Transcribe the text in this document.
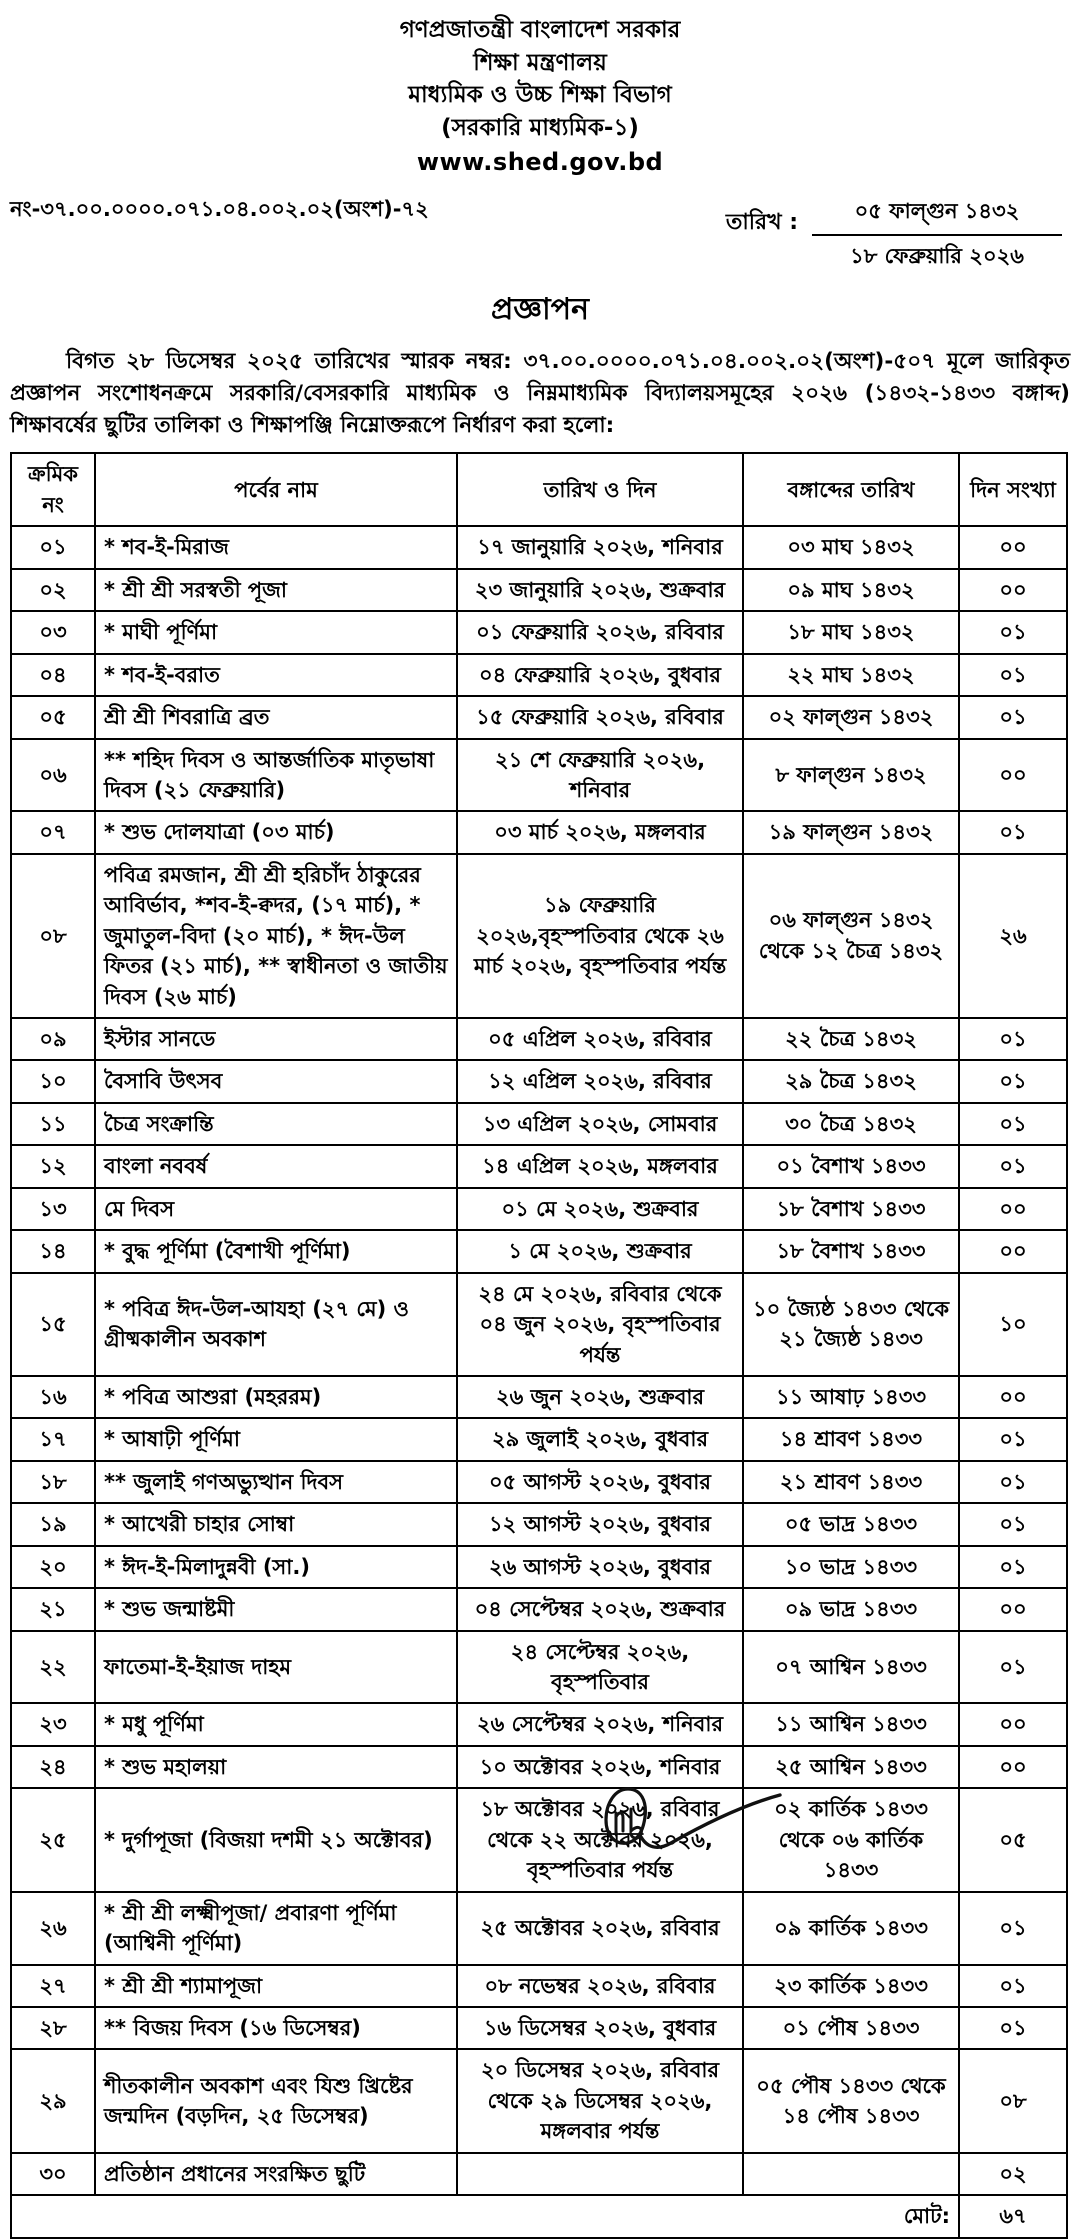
গণপ্রজাতন্ত্রী বাংলাদেশ সরকার
শিক্ষা মন্ত্রণালয়
মাধ্যমিক ও উচ্চ শিক্ষা বিভাগ
(সরকারি মাধ্যমিক-১)
www.shed.gov.bd
নং-৩৭.০০.০০০০.০৭১.০৪.০০২.০২(অংশ)-৭২
তারিখ : $\frac{\text{০৫ ফাল্গুন ১৪৩২}}{\text{১৮ ফেব্রুয়ারি ২০২৬}}$
প্রজ্ঞাপন
বিগত ২৮ ডিসেম্বর ২০২৫ তারিখের স্মারক নম্বর: ৩৭.০০.০০০০.০৭১.০৪.০০২.০২(অংশ)-৫০৭ মূলে জারিকৃত প্রজ্ঞাপন সংশোধনক্রমে সরকারি/বেসরকারি মাধ্যমিক ও নিম্নমাধ্যমিক বিদ্যালয়সমূহের ২০২৬ (১৪৩২-১৪৩৩ বঙ্গাব্দ) শিক্ষাবর্ষের ছুটির তালিকা ও শিক্ষাপঞ্জি নিম্নোক্তরূপে নির্ধারণ করা হলো:
ক্রমিক নং	পর্বের নাম	তারিখ ও দিন	বঙ্গাব্দের তারিখ	দিন সংখ্যা
০১	* শব-ই-মিরাজ	১৭ জানুয়ারি ২০২৬, শনিবার	০৩ মাঘ ১৪৩২	০০
০২	* শ্রী শ্রী সরস্বতী পূজা	২৩ জানুয়ারি ২০২৬, শুক্রবার	০৯ মাঘ ১৪৩২	০০
০৩	* মাঘী পূর্ণিমা	০১ ফেব্রুয়ারি ২০২৬, রবিবার	১৮ মাঘ ১৪৩২	০১
০৪	* শব-ই-বরাত	০৪ ফেব্রুয়ারি ২০২৬, বুধবার	২২ মাঘ ১৪৩২	০১
০৫	শ্রী শ্রী শিবরাত্রি ব্রত	১৫ ফেব্রুয়ারি ২০২৬, রবিবার	০২ ফাল্গুন ১৪৩২	০১
০৬	** শহিদ দিবস ও আন্তর্জাতিক মাতৃভাষা দিবস (২১ ফেব্রুয়ারি)	২১ শে ফেব্রুয়ারি ২০২৬, শনিবার	৮ ফাল্গুন ১৪৩২	০০
০৭	* শুভ দোলযাত্রা (০৩ মার্চ)	০৩ মার্চ ২০২৬, মঙ্গলবার	১৯ ফাল্গুন ১৪৩২	০১
০৮	পবিত্র রমজান, শ্রী শ্রী হরিচাঁদ ঠাকুরের আবির্ভাব, *শব-ই-ক্বদর, (১৭ মার্চ), * জুমাতুল-বিদা (২০ মার্চ), * ঈদ-উল ফিতর (২১ মার্চ), ** স্বাধীনতা ও জাতীয় দিবস (২৬ মার্চ)	১৯ ফেব্রুয়ারি ২০২৬,বৃহস্পতিবার থেকে ২৬ মার্চ ২০২৬, বৃহস্পতিবার পর্যন্ত	০৬ ফাল্গুন ১৪৩২ থেকে ১২ চৈত্র ১৪৩২	২৬
০৯	ইস্টার সানডে	০৫ এপ্রিল ২০২৬, রবিবার	২২ চৈত্র ১৪৩২	০১
১০	বৈসাবি উৎসব	১২ এপ্রিল ২০২৬, রবিবার	২৯ চৈত্র ১৪৩২	০১
১১	চৈত্র সংক্রান্তি	১৩ এপ্রিল ২০২৬, সোমবার	৩০ চৈত্র ১৪৩২	০১
১২	বাংলা নববর্ষ	১৪ এপ্রিল ২০২৬, মঙ্গলবার	০১ বৈশাখ ১৪৩৩	০১
১৩	মে দিবস	০১ মে ২০২৬, শুক্রবার	১৮ বৈশাখ ১৪৩৩	০০
১৪	* বুদ্ধ পূর্ণিমা (বৈশাখী পূর্ণিমা)	১ মে ২০২৬, শুক্রবার	১৮ বৈশাখ ১৪৩৩	০০
১৫	* পবিত্র ঈদ-উল-আযহা (২৭ মে) ও গ্রীষ্মকালীন অবকাশ	২৪ মে ২০২৬, রবিবার থেকে ০৪ জুন ২০২৬, বৃহস্পতিবার পর্যন্ত	১০ জ্যৈষ্ঠ ১৪৩৩ থেকে ২১ জ্যৈষ্ঠ ১৪৩৩	১০
১৬	* পবিত্র আশুরা (মহররম)	২৬ জুন ২০২৬, শুক্রবার	১১ আষাঢ় ১৪৩৩	০০
১৭	* আষাঢ়ী পূর্ণিমা	২৯ জুলাই ২০২৬, বুধবার	১৪ শ্রাবণ ১৪৩৩	০১
১৮	** জুলাই গণঅভ্যুত্থান দিবস	০৫ আগস্ট ২০২৬, বুধবার	২১ শ্রাবণ ১৪৩৩	০১
১৯	* আখেরী চাহার সোম্বা	১২ আগস্ট ২০২৬, বুধবার	০৫ ভাদ্র ১৪৩৩	০১
২০	* ঈদ-ই-মিলাদুন্নবী (সা.)	২৬ আগস্ট ২০২৬, বুধবার	১০ ভাদ্র ১৪৩৩	০১
২১	* শুভ জন্মাষ্টমী	০৪ সেপ্টেম্বর ২০২৬, শুক্রবার	০৯ ভাদ্র ১৪৩৩	০০
২২	ফাতেমা-ই-ইয়াজ দাহম	২৪ সেপ্টেম্বর ২০২৬, বৃহস্পতিবার	০৭ আশ্বিন ১৪৩৩	০১
২৩	* মধু পূর্ণিমা	২৬ সেপ্টেম্বর ২০২৬, শনিবার	১১ আশ্বিন ১৪৩৩	০০
২৪	* শুভ মহালয়া	১০ অক্টোবর ২০২৬, শনিবার	২৫ আশ্বিন ১৪৩৩	০০
২৫	* দুর্গাপূজা (বিজয়া দশমী ২১ অক্টোবর)	১৮ অক্টোবর ২০২৬, রবিবার থেকে ২২ অক্টোবর ২০২৬, বৃহস্পতিবার পর্যন্ত	০২ কার্তিক ১৪৩৩ থেকে ০৬ কার্তিক ১৪৩৩	০৫
২৬	* শ্রী শ্রী লক্ষ্মীপূজা/ প্রবারণা পূর্ণিমা (আশ্বিনী পূর্ণিমা)	২৫ অক্টোবর ২০২৬, রবিবার	০৯ কার্তিক ১৪৩৩	০১
২৭	* শ্রী শ্রী শ্যামাপূজা	০৮ নভেম্বর ২০২৬, রবিবার	২৩ কার্তিক ১৪৩৩	০১
২৮	** বিজয় দিবস (১৬ ডিসেম্বর)	১৬ ডিসেম্বর ২০২৬, বুধবার	০১ পৌষ ১৪৩৩	০১
২৯	শীতকালীন অবকাশ এবং যিশু খ্রিষ্টের জন্মদিন (বড়দিন, ২৫ ডিসেম্বর)	২০ ডিসেম্বর ২০২৬, রবিবার থেকে ২৯ ডিসেম্বর ২০২৬, মঙ্গলবার পর্যন্ত	০৫ পৌষ ১৪৩৩ থেকে ১৪ পৌষ ১৪৩৩	০৮
৩০	প্রতিষ্ঠান প্রধানের সংরক্ষিত ছুটি			০২
মোট:				৬৭
